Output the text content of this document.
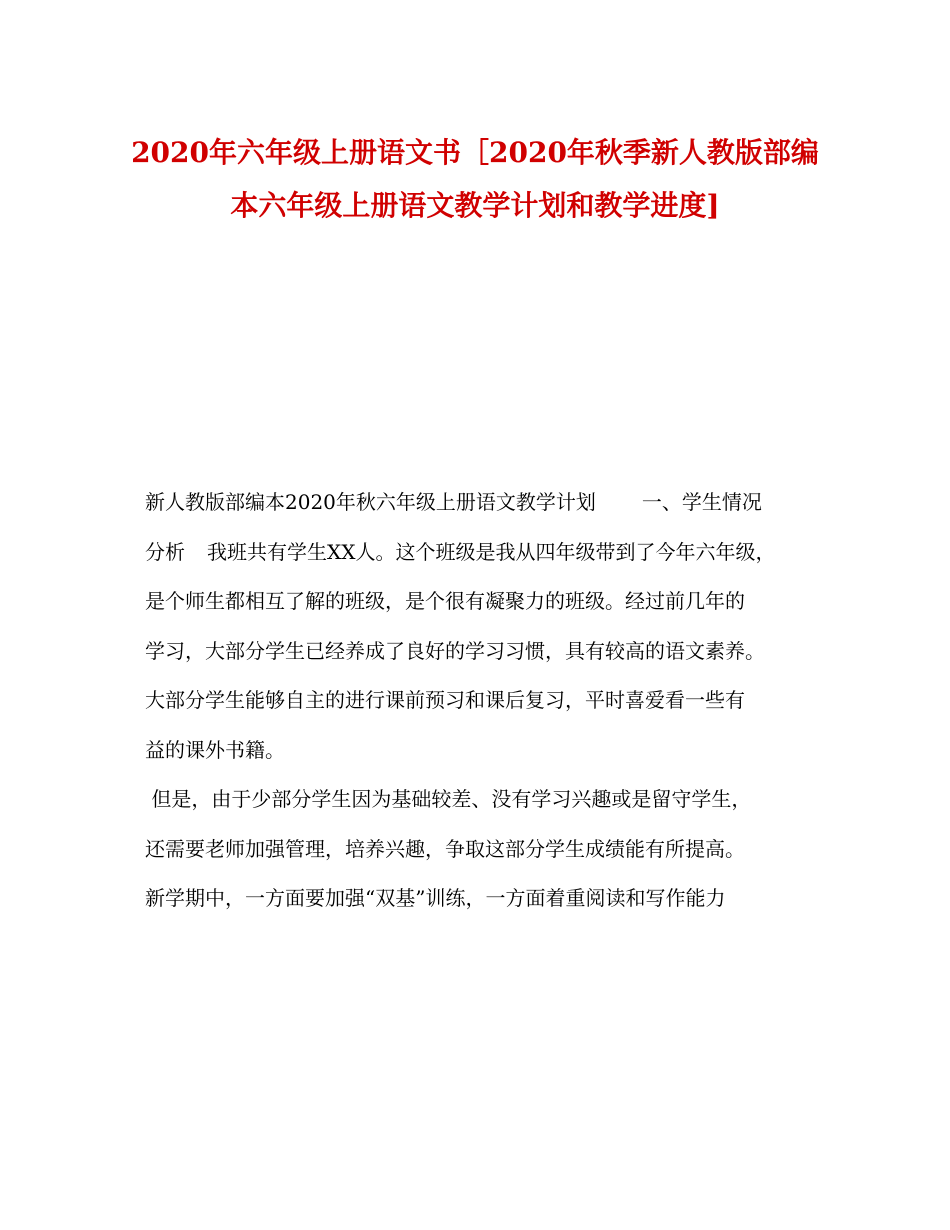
2020年六年级上册语文书［2020年秋季新人教版部编
本六年级上册语文教学计划和教学进度]
新人教版部编本2020年秋六年级上册语文教学计划 一、学生情况
分析 我班共有学生XX人。这个班级是我从四年级带到了今年六年级，
是个师生都相互了解的班级，是个很有凝聚力的班级。经过前几年的
学习，大部分学生已经养成了良好的学习习惯，具有较高的语文素养。
大部分学生能够自主的进行课前预习和课后复习，平时喜爱看一些有
益的课外书籍。
但是，由于少部分学生因为基础较差、没有学习兴趣或是留守学生，
还需要老师加强管理，培养兴趣，争取这部分学生成绩能有所提高。
新学期中，一方面要加强“双基”训练，一方面着重阅读和写作能力
